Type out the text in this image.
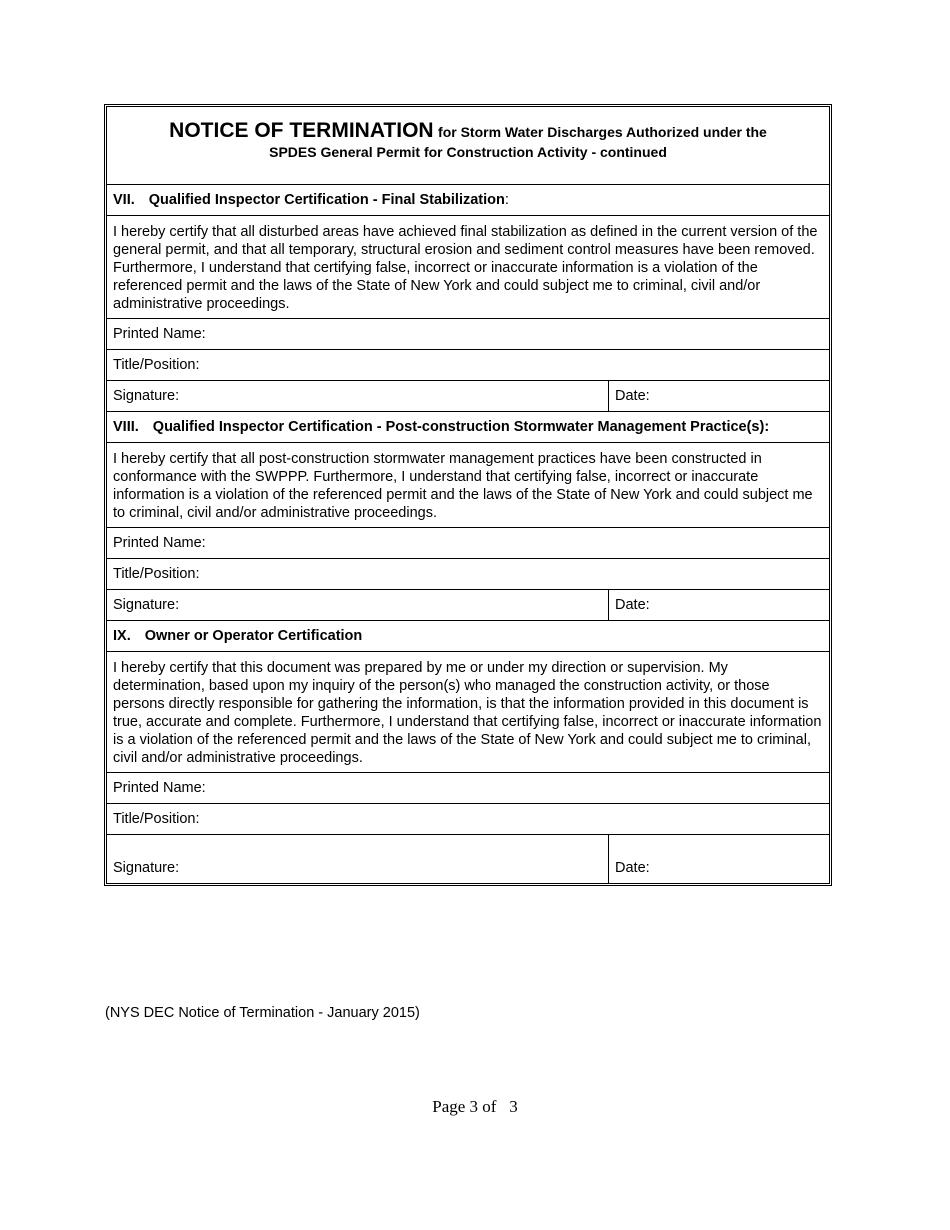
NOTICE OF TERMINATION for Storm Water Discharges Authorized under the
SPDES General Permit for Construction Activity - continued
VII. Qualified Inspector Certification - Final Stabilization:
I hereby certify that all disturbed areas have achieved final stabilization as defined in the current version of the general permit, and that all temporary, structural erosion and sediment control measures have been removed. Furthermore, I understand that certifying false, incorrect or inaccurate information is a violation of the referenced permit and the laws of the State of New York and could subject me to criminal, civil and/or administrative proceedings.
Printed Name:
Title/Position:
Signature:	Date:
VIII. Qualified Inspector Certification - Post-construction Stormwater Management Practice(s):
I hereby certify that all post-construction stormwater management practices have been constructed in conformance with the SWPPP. Furthermore, I understand that certifying false, incorrect or inaccurate information is a violation of the referenced permit and the laws of the State of New York and could subject me to criminal, civil and/or administrative proceedings.
Printed Name:
Title/Position:
Signature:	Date:
IX. Owner or Operator Certification
I hereby certify that this document was prepared by me or under my direction or supervision. My determination, based upon my inquiry of the person(s) who managed the construction activity, or those persons directly responsible for gathering the information, is that the information provided in this document is true, accurate and complete. Furthermore, I understand that certifying false, incorrect or inaccurate information is a violation of the referenced permit and the laws of the State of New York and could subject me to criminal, civil and/or administrative proceedings.
Printed Name:
Title/Position:
Signature:	Date:
(NYS DEC Notice of Termination - January 2015)
Page 3 of   3
